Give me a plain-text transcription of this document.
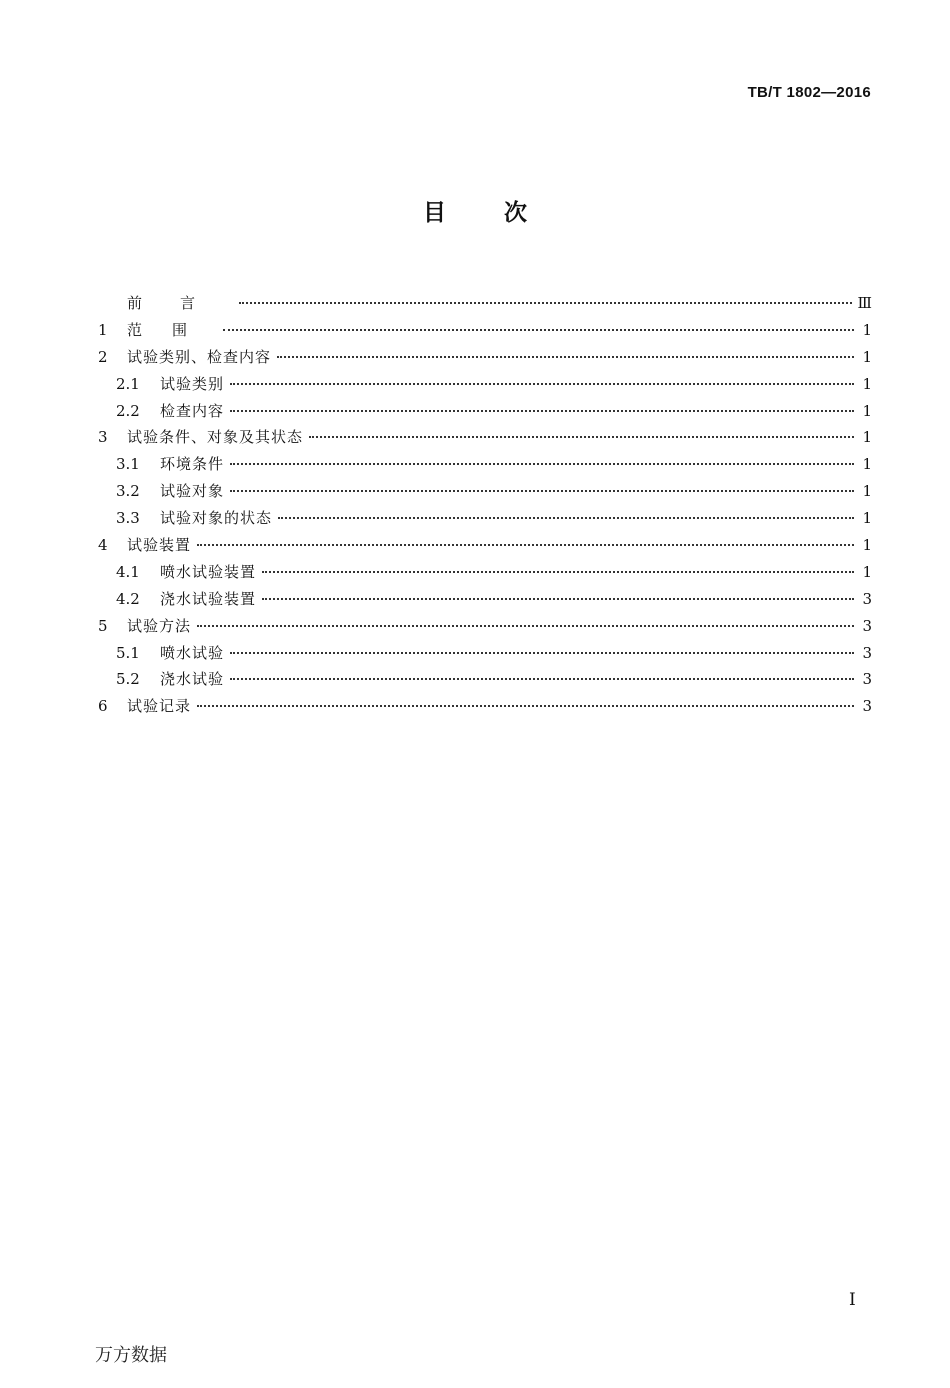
TB/T 1802—2016
目次
前言	Ⅲ
1	范围	1
2	试验类别、检查内容	1
2.1	试验类别	1
2.2	检查内容	1
3	试验条件、对象及其状态	1
3.1	环境条件	1
3.2	试验对象	1
3.3	试验对象的状态	1
4	试验装置	1
4.1	喷水试验装置	1
4.2	浇水试验装置	3
5	试验方法	3
5.1	喷水试验	3
5.2	浇水试验	3
6	试验记录	3
Ⅰ
万方数据
